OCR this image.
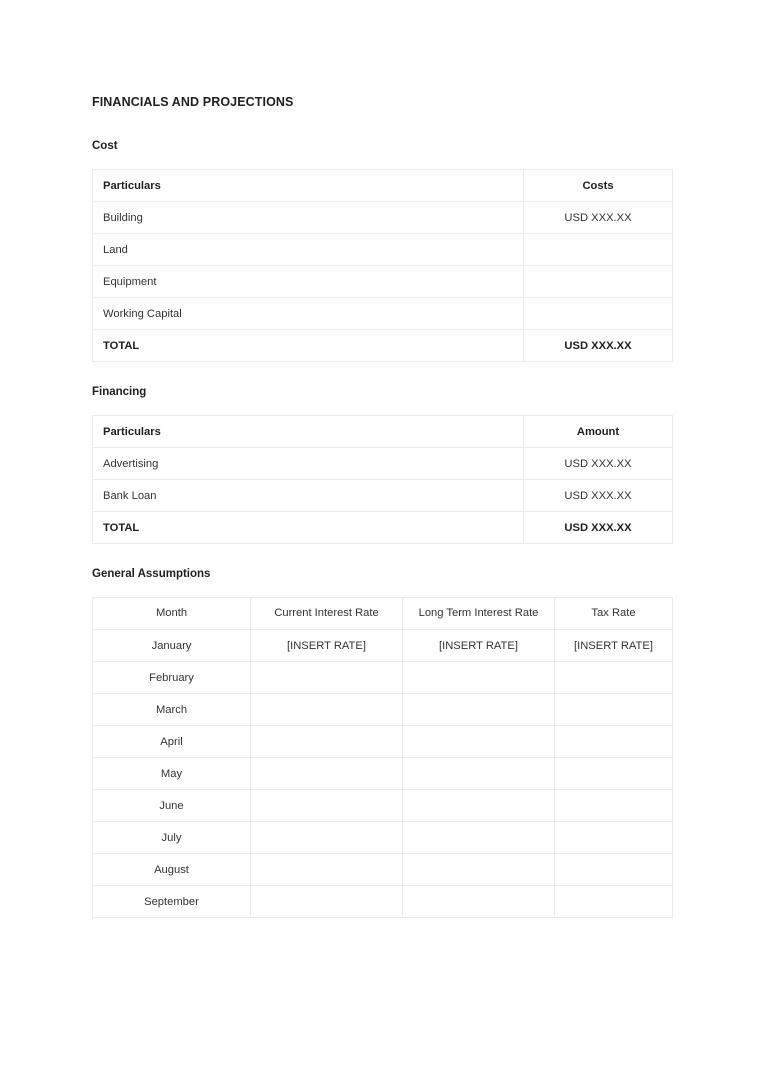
FINANCIALS AND PROJECTIONS
Cost
Particulars	Costs
Building	USD XXX.XX
Land	
Equipment	
Working Capital	
TOTAL	USD XXX.XX
Financing
Particulars	Amount
Advertising	USD XXX.XX
Bank Loan	USD XXX.XX
TOTAL	USD XXX.XX
General Assumptions
Month	Current Interest Rate	Long Term Interest Rate	Tax Rate
January	[INSERT RATE]	[INSERT RATE]	[INSERT RATE]
February			
March			
April			
May			
June			
July			
August			
September			
